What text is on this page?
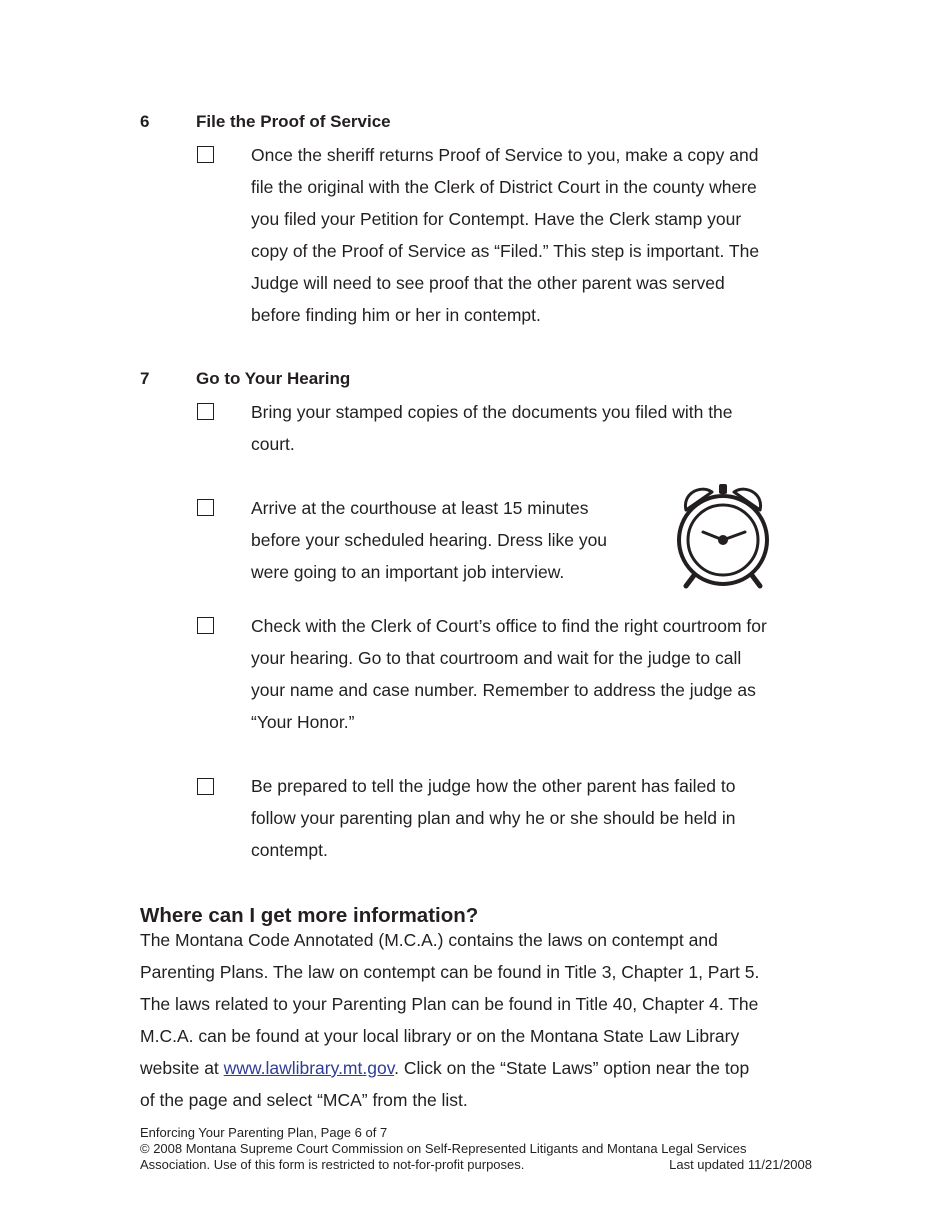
6	File the Proof of Service

Once the sheriff returns Proof of Service to you, make a copy and
file the original with the Clerk of District Court in the county where
you filed your Petition for Contempt. Have the Clerk stamp your
copy of the Proof of Service as “Filed.” This step is important. The
Judge will need to see proof that the other parent was served
before finding him or her in contempt.

7	Go to Your Hearing

Bring your stamped copies of the documents you filed with the
court.

Arrive at the courthouse at least 15 minutes
before your scheduled hearing. Dress like you
were going to an important job interview.

Check with the Clerk of Court’s office to find the right courtroom for
your hearing. Go to that courtroom and wait for the judge to call
your name and case number. Remember to address the judge as
“Your Honor.”

Be prepared to tell the judge how the other parent has failed to
follow your parenting plan and why he or she should be held in
contempt.

Where can I get more information?

The Montana Code Annotated (M.C.A.) contains the laws on contempt and
Parenting Plans. The law on contempt can be found in Title 3, Chapter 1, Part 5.
The laws related to your Parenting Plan can be found in Title 40, Chapter 4. The
M.C.A. can be found at your local library or on the Montana State Law Library
website at www.lawlibrary.mt.gov. Click on the “State Laws” option near the top
of the page and select “MCA” from the list.

Enforcing Your Parenting Plan, Page 6 of 7
© 2008 Montana Supreme Court Commission on Self-Represented Litigants and Montana Legal Services
Association. Use of this form is restricted to not-for-profit purposes.	Last updated 11/21/2008
